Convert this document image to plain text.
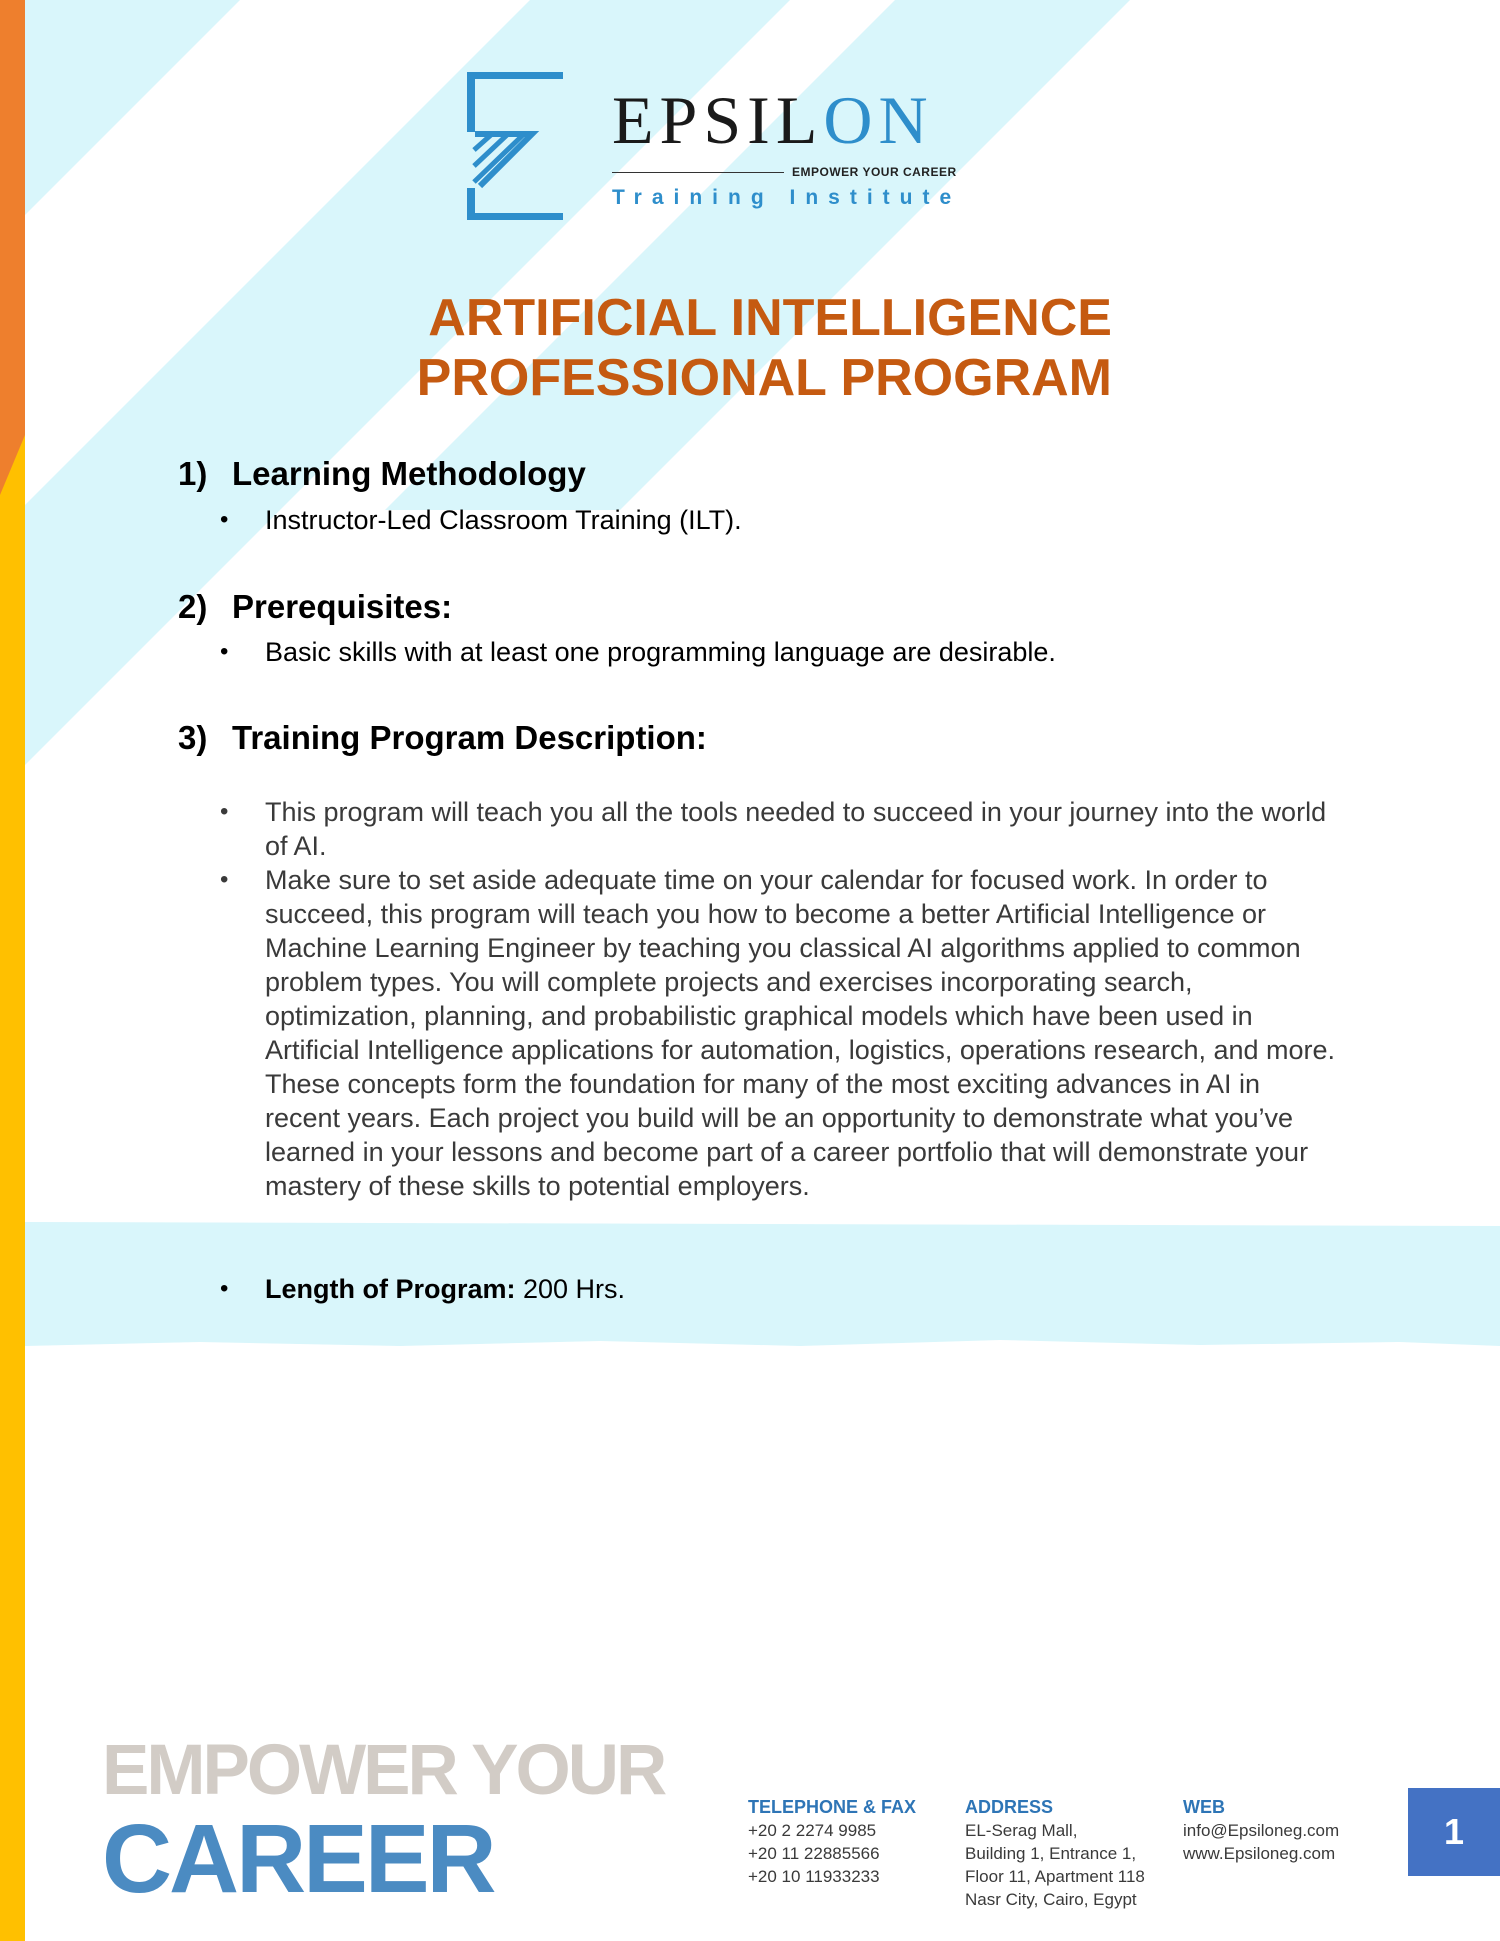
EPSILON
EMPOWER YOUR CAREER
Training Institute
ARTIFICIAL INTELLIGENCE
PROFESSIONAL PROGRAM
1) Learning Methodology
• Instructor-Led Classroom Training (ILT).
2) Prerequisites:
• Basic skills with at least one programming language are desirable.
3) Training Program Description:
• This program will teach you all the tools needed to succeed in your journey into the world of AI.
• Make sure to set aside adequate time on your calendar for focused work. In order to succeed, this program will teach you how to become a better Artificial Intelligence or Machine Learning Engineer by teaching you classical AI algorithms applied to common problem types. You will complete projects and exercises incorporating search, optimization, planning, and probabilistic graphical models which have been used in Artificial Intelligence applications for automation, logistics, operations research, and more. These concepts form the foundation for many of the most exciting advances in AI in recent years. Each project you build will be an opportunity to demonstrate what you’ve learned in your lessons and become part of a career portfolio that will demonstrate your mastery of these skills to potential employers.
• Length of Program: 200 Hrs.
EMPOWER YOUR
CAREER	TELEPHONE & FAX
+20 2 2274 9985
+20 11 22885566
+20 10 11933233
ADDRESS
EL-Serag Mall,
Building 1, Entrance 1,
Floor 11, Apartment 118
Nasr City, Cairo, Egypt
WEB
info@Epsiloneg.com
www.Epsiloneg.com
1
